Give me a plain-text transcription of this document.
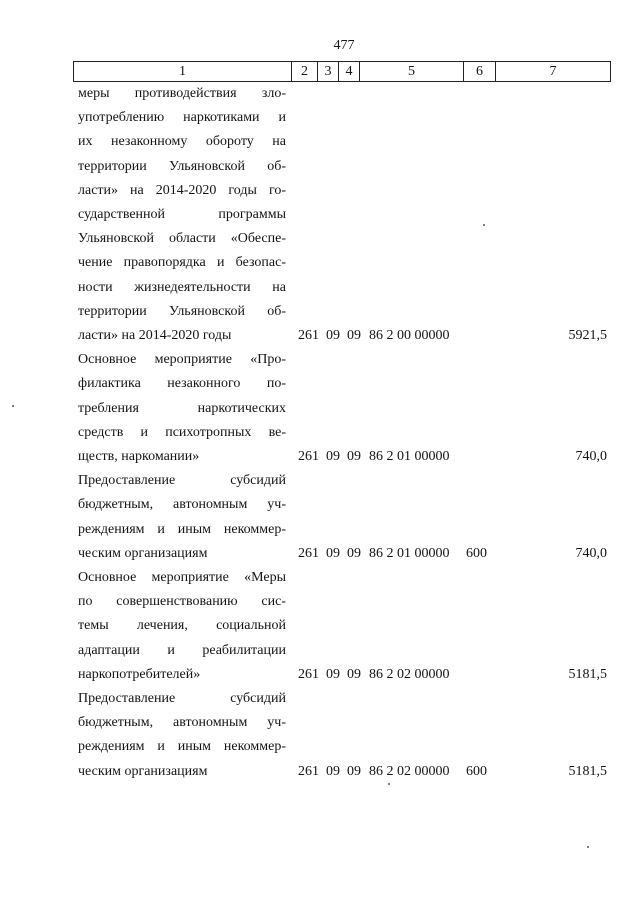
477
1	2	3	4	5	6	7
меры противодействия зло-
употреблению наркотиками и
их незаконному обороту на
территории Ульяновской об-
ласти» на 2014-2020 годы го-
сударственной программы
Ульяновской области «Обеспе-
чение правопорядка и безопас-
ности жизнедеятельности на
территории Ульяновской об-
ласти» на 2014-2020 годы	261 09 09 86 2 00 00000	5921,5
Основное мероприятие «Про-
филактика незаконного по-
требления наркотических
средств и психотропных ве-
ществ, наркомании»	261 09 09 86 2 01 00000	740,0
Предоставление субсидий
бюджетным, автономным уч-
реждениям и иным некоммер-
ческим организациям	261 09 09 86 2 01 00000 600	740,0
Основное мероприятие «Меры
по совершенствованию сис-
темы лечения, социальной
адаптации и реабилитации
наркопотребителей»	261 09 09 86 2 02 00000	5181,5
Предоставление субсидий
бюджетным, автономным уч-
реждениям и иным некоммер-
ческим организациям	261 09 09 86 2 02 00000 600	5181,5
